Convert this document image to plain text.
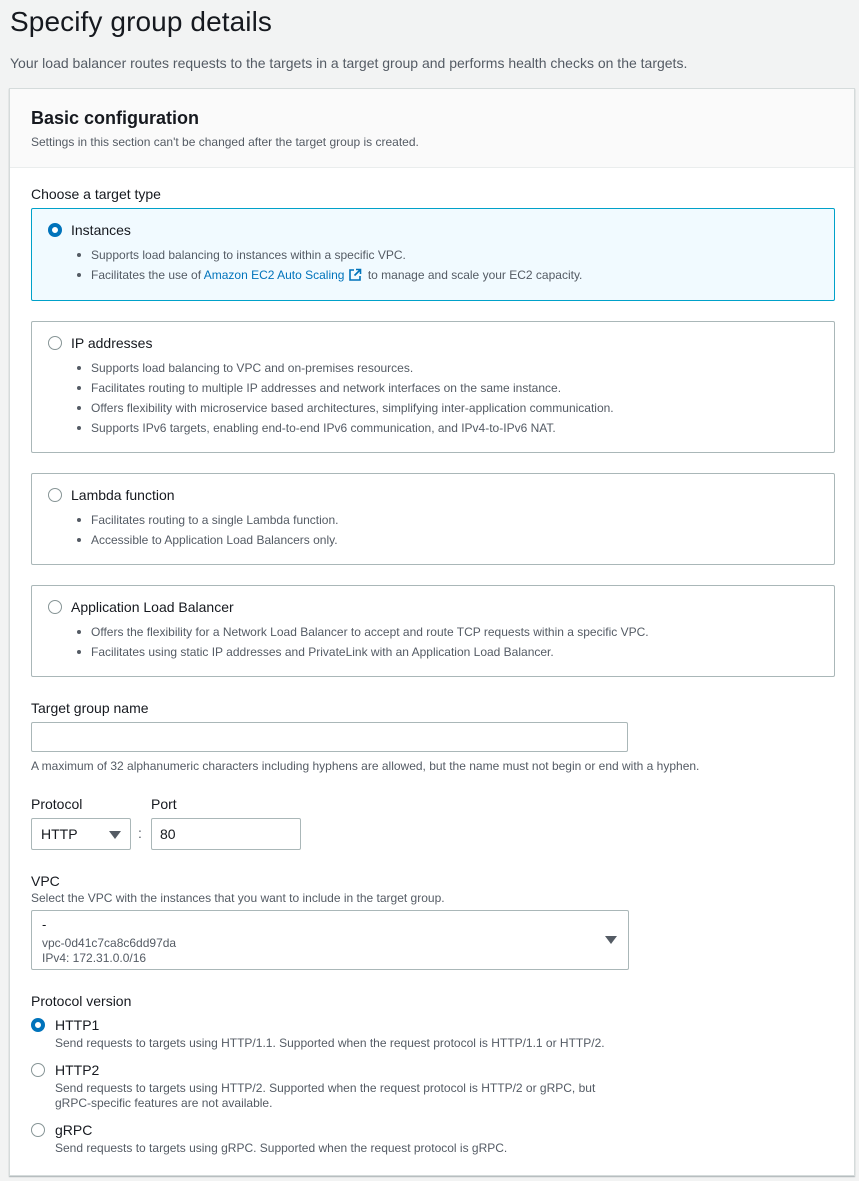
Specify group details
Your load balancer routes requests to the targets in a target group and performs health checks on the targets.
Basic configuration
Settings in this section can't be changed after the target group is created.
Choose a target type
Instances
Supports load balancing to instances within a specific VPC.
Facilitates the use of Amazon EC2 Auto Scaling to manage and scale your EC2 capacity.
IP addresses
Supports load balancing to VPC and on-premises resources.
Facilitates routing to multiple IP addresses and network interfaces on the same instance.
Offers flexibility with microservice based architectures, simplifying inter-application communication.
Supports IPv6 targets, enabling end-to-end IPv6 communication, and IPv4-to-IPv6 NAT.
Lambda function
Facilitates routing to a single Lambda function.
Accessible to Application Load Balancers only.
Application Load Balancer
Offers the flexibility for a Network Load Balancer to accept and route TCP requests within a specific VPC.
Facilitates using static IP addresses and PrivateLink with an Application Load Balancer.
Target group name
A maximum of 32 alphanumeric characters including hyphens are allowed, but the name must not begin or end with a hyphen.
Protocol	Port
HTTP	:	80
VPC
Select the VPC with the instances that you want to include in the target group.
-
vpc-0d41c7ca8c6dd97da
IPv4: 172.31.0.0/16
Protocol version
HTTP1
Send requests to targets using HTTP/1.1. Supported when the request protocol is HTTP/1.1 or HTTP/2.
HTTP2
Send requests to targets using HTTP/2. Supported when the request protocol is HTTP/2 or gRPC, but
gRPC-specific features are not available.
gRPC
Send requests to targets using gRPC. Supported when the request protocol is gRPC.
